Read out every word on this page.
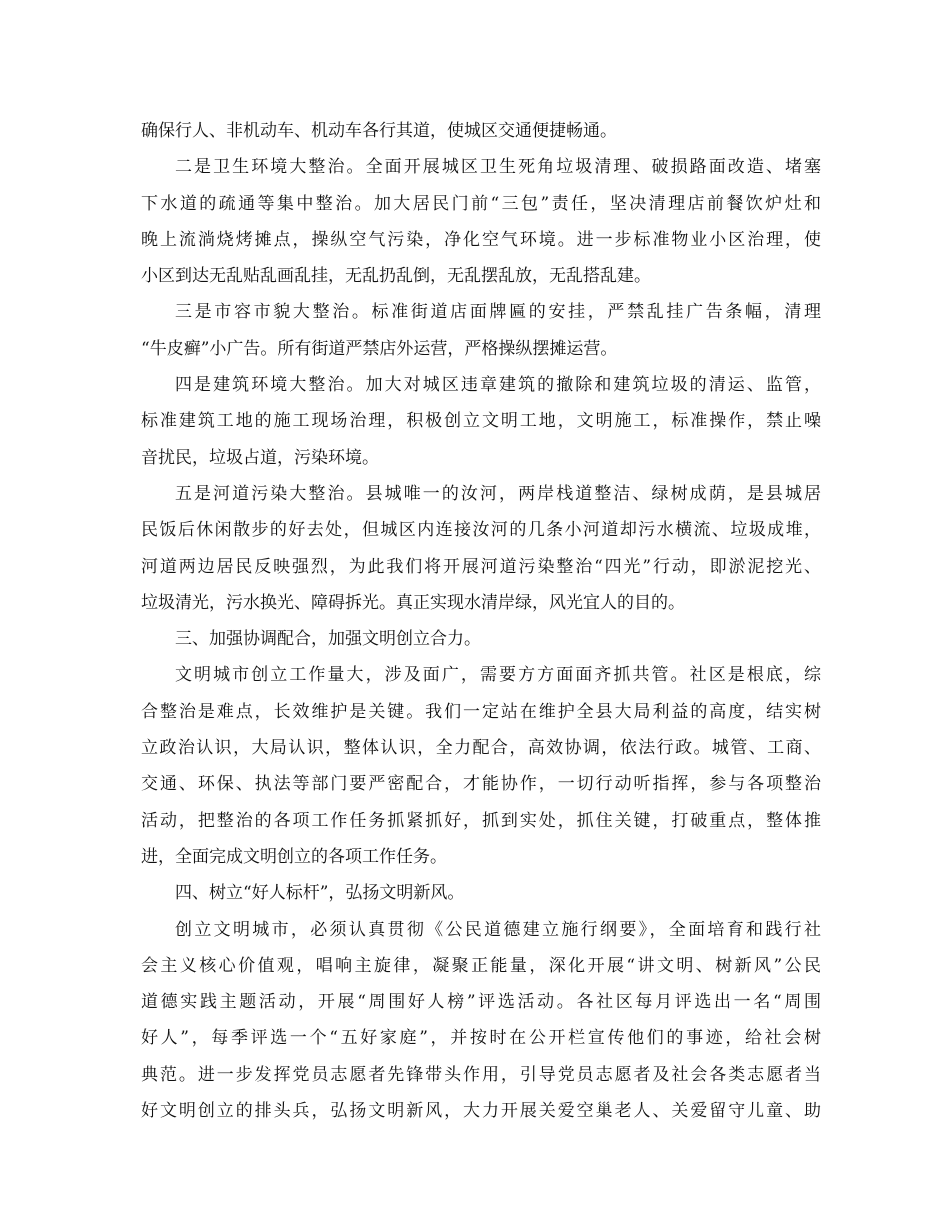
确保行人、非机动车、机动车各行其道，使城区交通便捷畅通。

二是卫生环境大整治。全面开展城区卫生死角垃圾清理、破损路面改造、堵塞
下水道的疏通等集中整治。加大居民门前“三包”责任，坚决清理店前餐饮炉灶和
晚上流淌烧烤摊点，操纵空气污染，净化空气环境。进一步标准物业小区治理，使
小区到达无乱贴乱画乱挂，无乱扔乱倒，无乱摆乱放，无乱搭乱建。

三是市容市貌大整治。标准街道店面牌匾的安挂，严禁乱挂广告条幅，清理
“牛皮癣”小广告。所有街道严禁店外运营，严格操纵摆摊运营。

四是建筑环境大整治。加大对城区违章建筑的撤除和建筑垃圾的清运、监管，
标准建筑工地的施工现场治理，积极创立文明工地，文明施工，标准操作，禁止噪
音扰民，垃圾占道，污染环境。

五是河道污染大整治。县城唯一的汝河，两岸栈道整洁、绿树成荫，是县城居
民饭后休闲散步的好去处，但城区内连接汝河的几条小河道却污水横流、垃圾成堆，
河道两边居民反映强烈，为此我们将开展河道污染整治“四光”行动，即淤泥挖光、
垃圾清光，污水换光、障碍拆光。真正实现水清岸绿，风光宜人的目的。

三、加强协调配合，加强文明创立合力。

文明城市创立工作量大，涉及面广，需要方方面面齐抓共管。社区是根底，综
合整治是难点，长效维护是关键。我们一定站在维护全县大局利益的高度，结实树
立政治认识，大局认识，整体认识，全力配合，高效协调，依法行政。城管、工商、
交通、环保、执法等部门要严密配合，才能协作，一切行动听指挥，参与各项整治
活动，把整治的各项工作任务抓紧抓好，抓到实处，抓住关键，打破重点，整体推
进，全面完成文明创立的各项工作任务。

四、树立“好人标杆”，弘扬文明新风。

创立文明城市，必须认真贯彻《公民道德建立施行纲要》，全面培育和践行社
会主义核心价值观，唱响主旋律，凝聚正能量，深化开展“讲文明、树新风”公民
道德实践主题活动，开展“周围好人榜”评选活动。各社区每月评选出一名“周围
好人”，每季评选一个“五好家庭”，并按时在公开栏宣传他们的事迹，给社会树
典范。进一步发挥党员志愿者先锋带头作用，引导党员志愿者及社会各类志愿者当
好文明创立的排头兵，弘扬文明新风，大力开展关爱空巢老人、关爱留守儿童、助
